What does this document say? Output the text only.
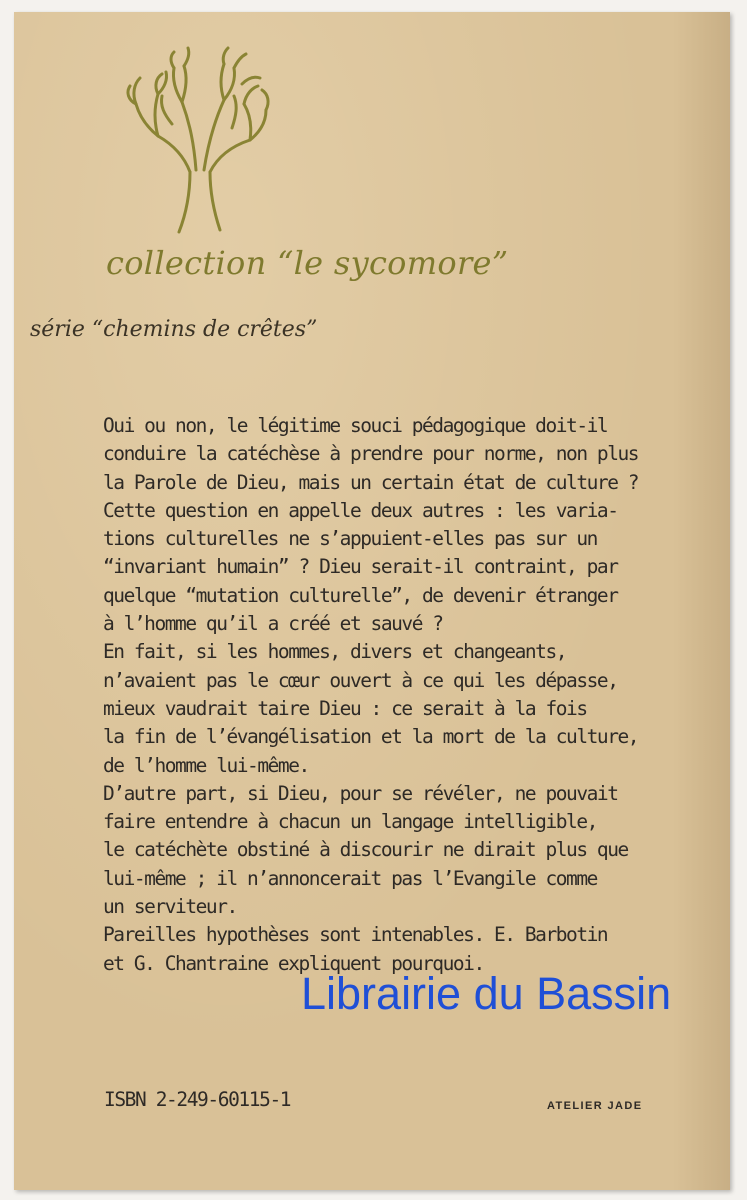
collection “le sycomore”
série “chemins de crêtes”
Oui ou non, le légitime souci pédagogique doit-il
conduire la catéchèse à prendre pour norme, non plus
la Parole de Dieu, mais un certain état de culture ?
Cette question en appelle deux autres : les varia-
tions culturelles ne s’appuient-elles pas sur un
“invariant humain” ? Dieu serait-il contraint, par
quelque “mutation culturelle”, de devenir étranger
à l’homme qu’il a créé et sauvé ?
En fait, si les hommes, divers et changeants,
n’avaient pas le cœur ouvert à ce qui les dépasse,
mieux vaudrait taire Dieu : ce serait à la fois
la fin de l’évangélisation et la mort de la culture,
de l’homme lui-même.
D’autre part, si Dieu, pour se révéler, ne pouvait
faire entendre à chacun un langage intelligible,
le catéchète obstiné à discourir ne dirait plus que
lui-même ; il n’annoncerait pas l’Evangile comme
un serviteur.
Pareilles hypothèses sont intenables. E. Barbotin
et G. Chantraine expliquent pourquoi.
ISBN 2-249-60115-1	ATELIER JADE
Librairie du Bassin
